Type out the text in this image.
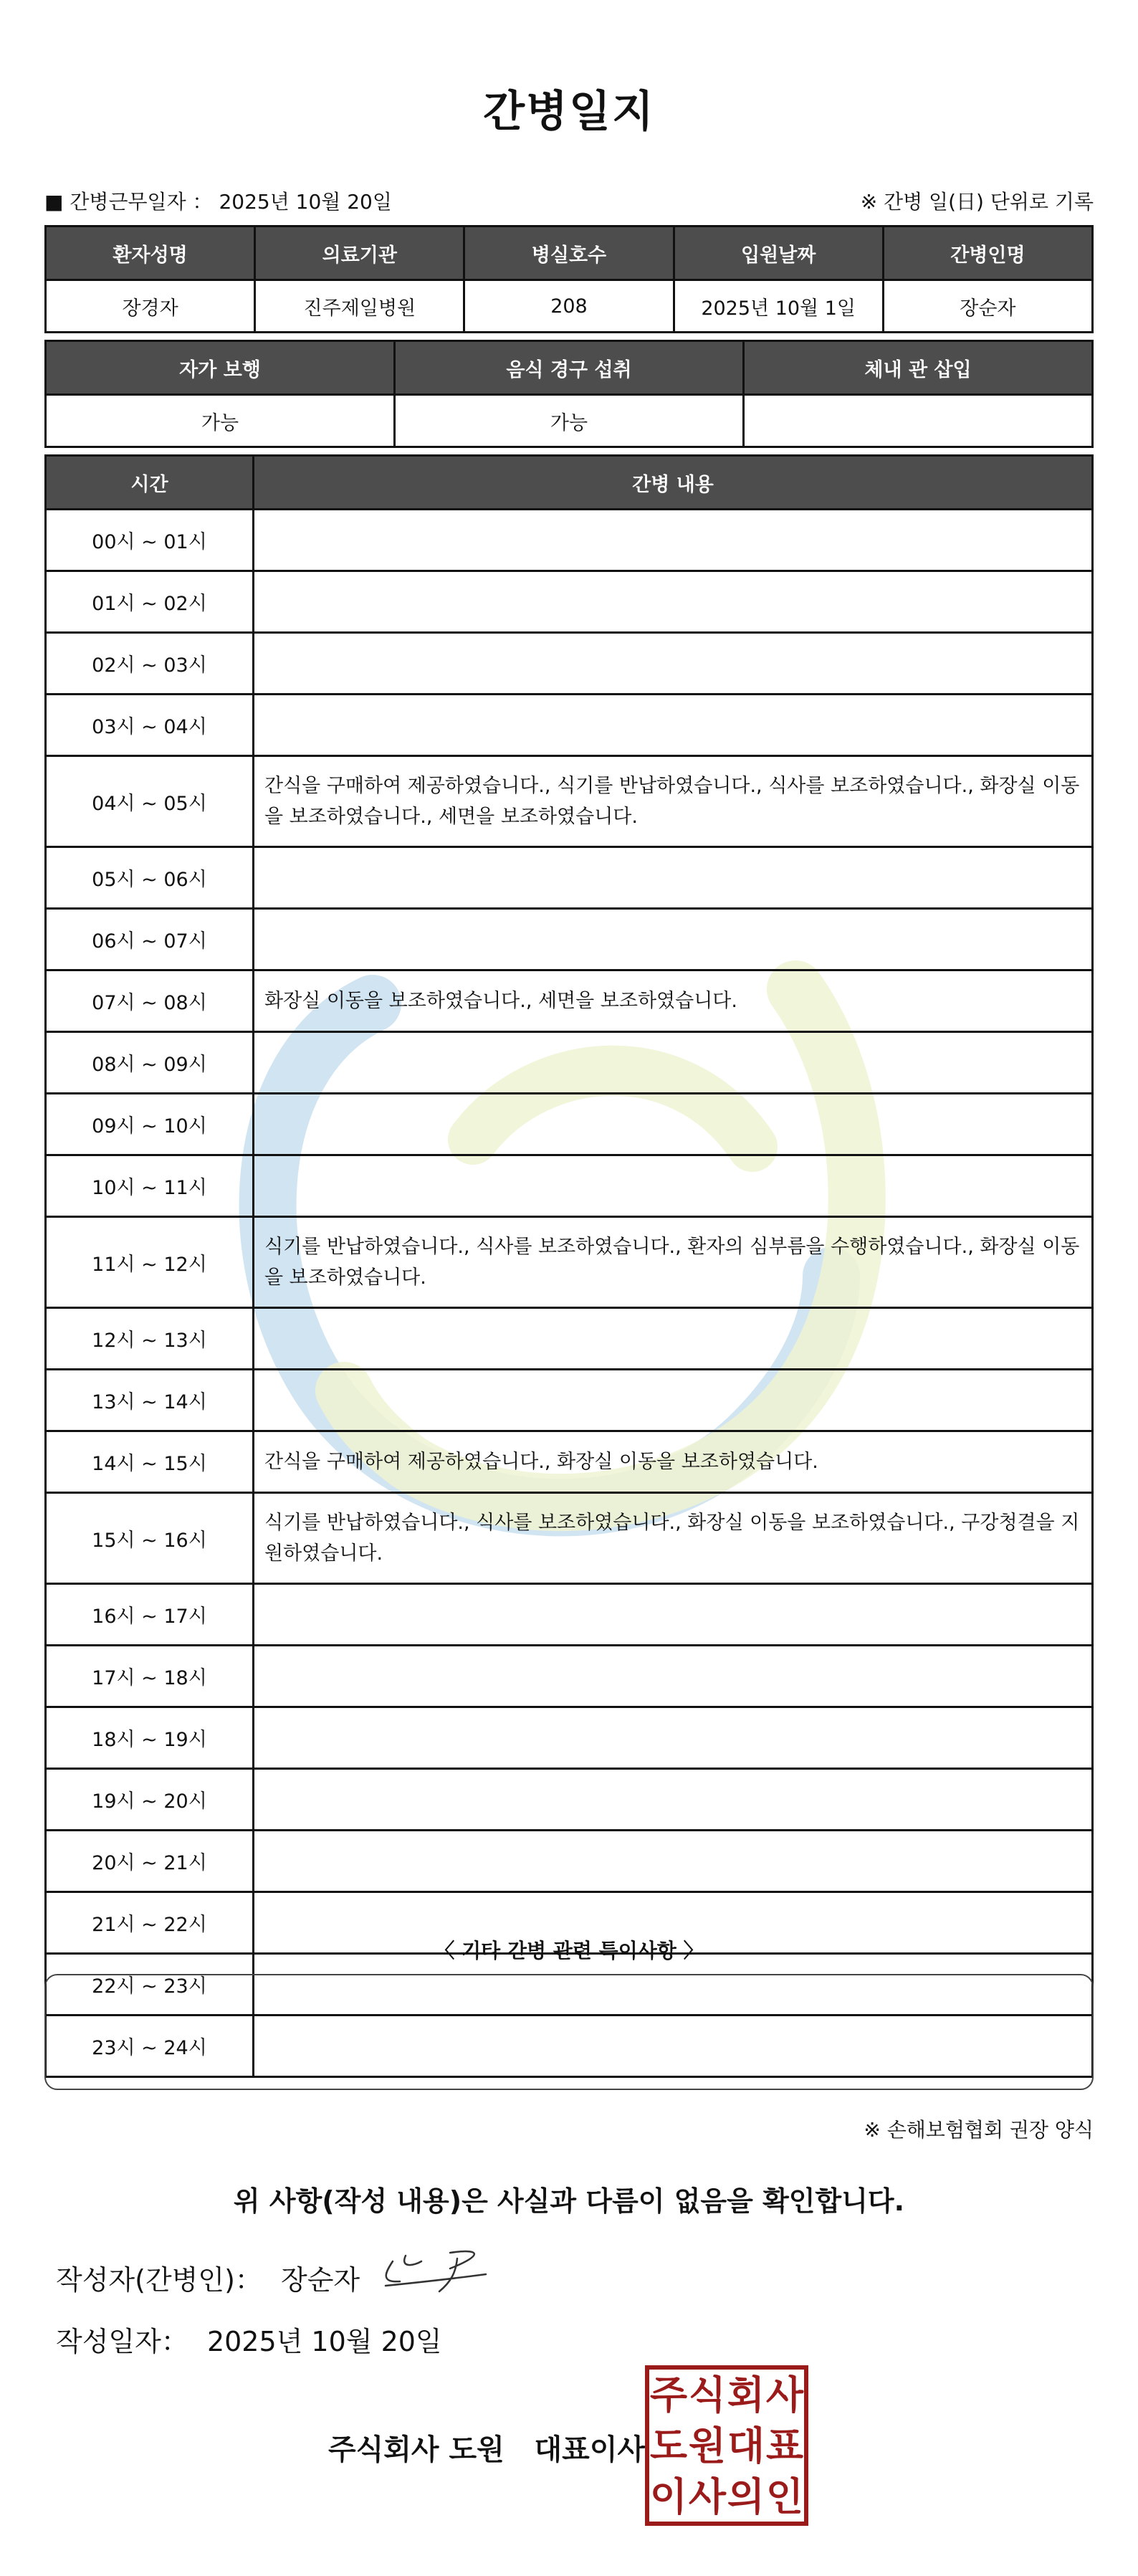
간병일지
■ 간병근무일자 ： 2025년 10월 20일	※ 간병 일(日) 단위로 기록
환자성명	의료기관	병실호수	입원날짜	간병인명
장경자	진주제일병원	208	2025년 10월 1일	장순자
자가 보행	음식 경구 섭취	체내 관 삽입
가능	가능	
시간	간병 내용
00시 ~ 01시	
01시 ~ 02시	
02시 ~ 03시	
03시 ~ 04시	
04시 ~ 05시	간식을 구매하여 제공하였습니다., 식기를 반납하였습니다., 식사를 보조하였습니다., 화장실 이동을 보조하였습니다., 세면을 보조하였습니다.
05시 ~ 06시	
06시 ~ 07시	
07시 ~ 08시	화장실 이동을 보조하였습니다., 세면을 보조하였습니다.
08시 ~ 09시	
09시 ~ 10시	
10시 ~ 11시	
11시 ~ 12시	식기를 반납하였습니다., 식사를 보조하였습니다., 환자의 심부름을 수행하였습니다., 화장실 이동을 보조하였습니다.
12시 ~ 13시	
13시 ~ 14시	
14시 ~ 15시	간식을 구매하여 제공하였습니다., 화장실 이동을 보조하였습니다.
15시 ~ 16시	식기를 반납하였습니다., 식사를 보조하였습니다., 화장실 이동을 보조하였습니다., 구강청결을 지원하였습니다.
16시 ~ 17시	
17시 ~ 18시	
18시 ~ 19시	
19시 ~ 20시	
20시 ~ 21시	
21시 ~ 22시	
22시 ~ 23시	
23시 ~ 24시	
〈 기타 간병 관련 특이사항 〉
※ 손해보험협회 권장 양식
위 사항(작성 내용)은 사실과 다름이 없음을 확인합니다.
작성자(간병인)： 장순자
작성일자： 2025년 10월 20일
주식회사 도원   대표이사
주 식 회 사
도 원 대 표
이 사 의 인
